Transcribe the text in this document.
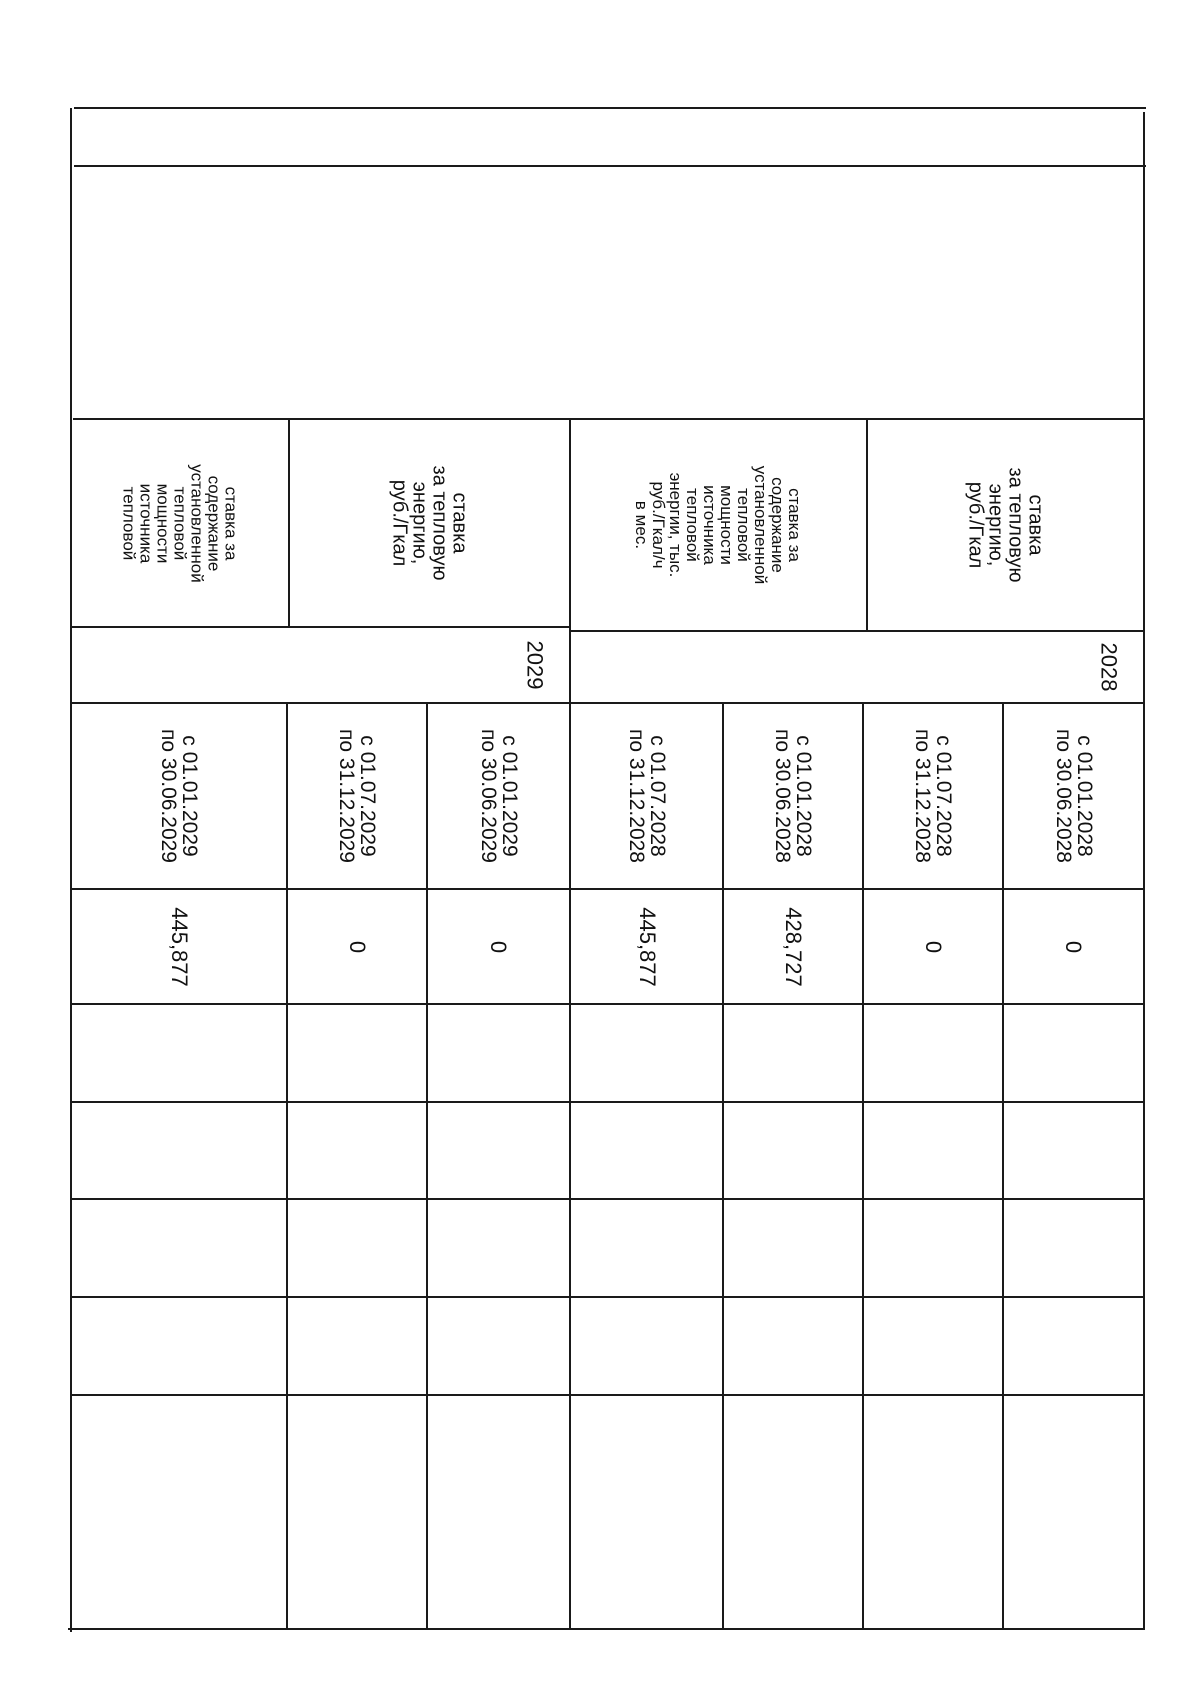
ставка
за тепловую
энергию,
руб./Гкал
ставка за
содержание
установленной
тепловой
мощности
источника
тепловой
энергии, тыс.
руб./Гкал/ч
в мес.
ставка
за тепловую
энергию,
руб./Гкал
ставка за
содержание
установленной
тепловой
мощности
источника
тепловой
2028
2029
с 01.01.2028
по 30.06.2028
с 01.07.2028
по 31.12.2028
с 01.01.2028
по 30.06.2028
с 01.07.2028
по 31.12.2028
с 01.01.2029
по 30.06.2029
с 01.07.2029
по 31.12.2029
с 01.01.2029
по 30.06.2029
0
0
428,727
445,877
0
0
445,877
